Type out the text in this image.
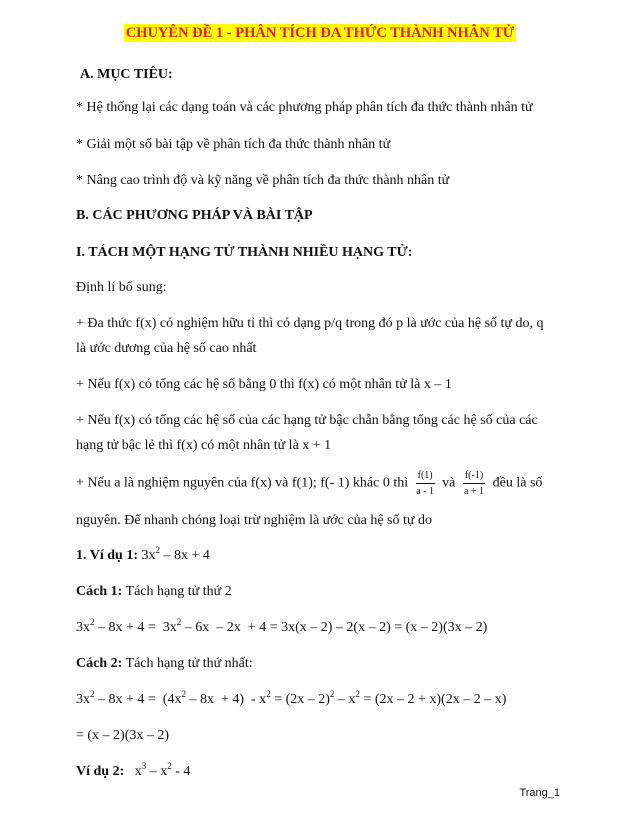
CHUYÊN ĐỀ 1 - PHÂN TÍCH ĐA THỨC THÀNH NHÂN TỬ
A. MỤC TIÊU:
* Hệ thống lại các dạng toán và các phương pháp phân tích đa thức thành nhân tử
* Giải một số bài tập về phân tích đa thức thành nhân tử
* Nâng cao trình độ và kỹ năng về phân tích đa thức thành nhân tử
B. CÁC PHƯƠNG PHÁP VÀ BÀI TẬP
I. TÁCH MỘT HẠNG TỬ THÀNH NHIỀU HẠNG TỬ:
Định lí bổ sung:
+ Đa thức f(x) có nghiệm hữu tỉ thì có dạng p/q trong đó p là ước của hệ số tự do, q
là ước dương của hệ số cao nhất
+ Nếu f(x) có tổng các hệ số bằng 0 thì f(x) có một nhân tử là x – 1
+ Nếu f(x) có tổng các hệ số của các hạng tử bậc chẵn bằng tổng các hệ số của các
hạng tử bậc lẻ thì f(x) có một nhân tử là x + 1
+ Nếu a là nghiệm nguyên của f(x) và f(1); f(- 1) khác 0 thì $\frac{f(1)}{a - 1}$ và $\frac{f(-1)}{a + 1}$ đều là số
nguyên. Để nhanh chóng loại trừ nghiệm là ước của hệ số tự do
1. Ví dụ 1: $3x^2 - 8x + 4$
Cách 1: Tách hạng tử thứ 2
$3x^2 - 8x + 4 = 3x^2 - 6x - 2x + 4 = 3x(x - 2) - 2(x - 2) = (x - 2)(3x - 2)$
Cách 2: Tách hạng tử thứ nhất:
$3x^2 - 8x + 4 = (4x^2 - 8x + 4) - x^2 = (2x - 2)^2 - x^2 = (2x - 2 + x)(2x - 2 - x)$
= (x – 2)(3x – 2)
Ví dụ 2:   $x^3 - x^2 - 4$
Trang_1
